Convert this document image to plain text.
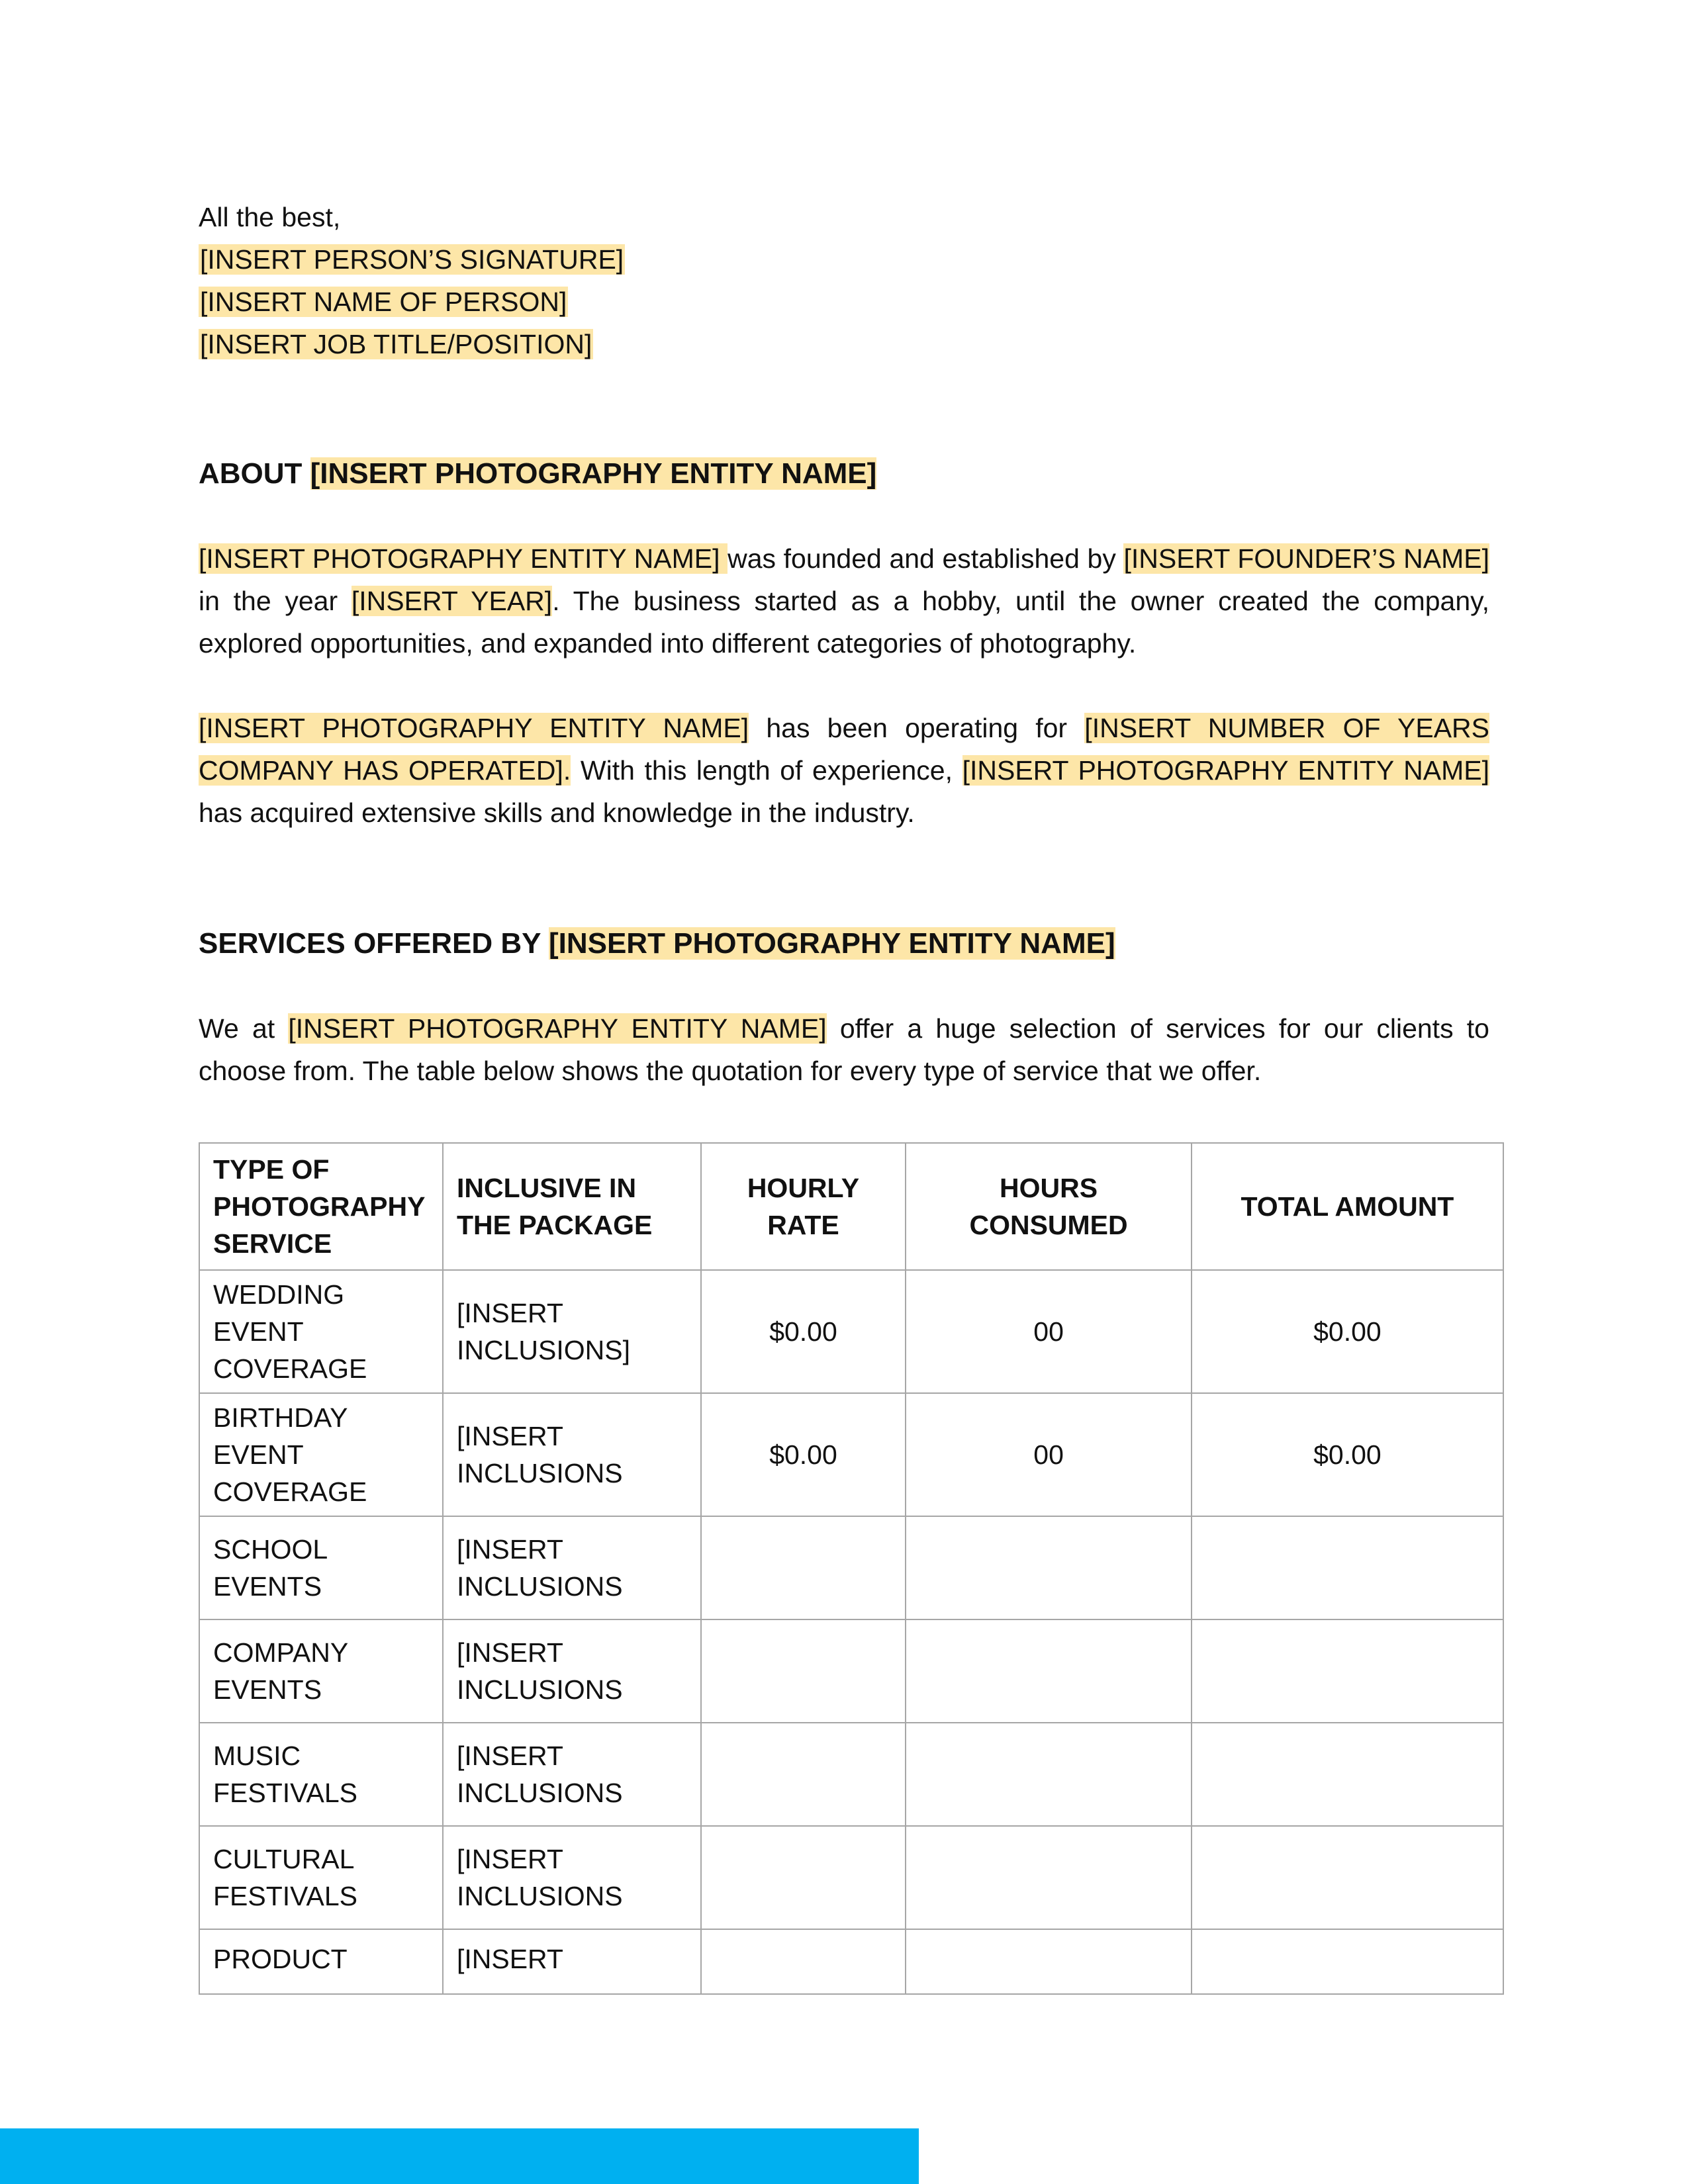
All the best,
[INSERT PERSON’S SIGNATURE]
[INSERT NAME OF PERSON]
[INSERT JOB TITLE/POSITION]
ABOUT [INSERT PHOTOGRAPHY ENTITY NAME]

[INSERT PHOTOGRAPHY ENTITY NAME] was founded and established by [INSERT FOUNDER’S NAME] in the year [INSERT YEAR]. The business started as a hobby, until the owner created the company, explored opportunities, and expanded into different categories of photography.

[INSERT PHOTOGRAPHY ENTITY NAME] has been operating for [INSERT NUMBER OF YEARS COMPANY HAS OPERATED]. With this length of experience, [INSERT PHOTOGRAPHY ENTITY NAME] has acquired extensive skills and knowledge in the industry.

SERVICES OFFERED BY [INSERT PHOTOGRAPHY ENTITY NAME]

We at [INSERT PHOTOGRAPHY ENTITY NAME] offer a huge selection of services for our clients to choose from. The table below shows the quotation for every type of service that we offer.

TYPE OF PHOTOGRAPHY SERVICE	INCLUSIVE IN THE PACKAGE	HOURLY RATE	HOURS CONSUMED	TOTAL AMOUNT
WEDDING EVENT COVERAGE	[INSERT INCLUSIONS]	$0.00	00	$0.00
BIRTHDAY EVENT COVERAGE	[INSERT INCLUSIONS	$0.00	00	$0.00
SCHOOL EVENTS	[INSERT INCLUSIONS			
COMPANY EVENTS	[INSERT INCLUSIONS			
MUSIC FESTIVALS	[INSERT INCLUSIONS			
CULTURAL FESTIVALS	[INSERT INCLUSIONS			
PRODUCT	[INSERT			
